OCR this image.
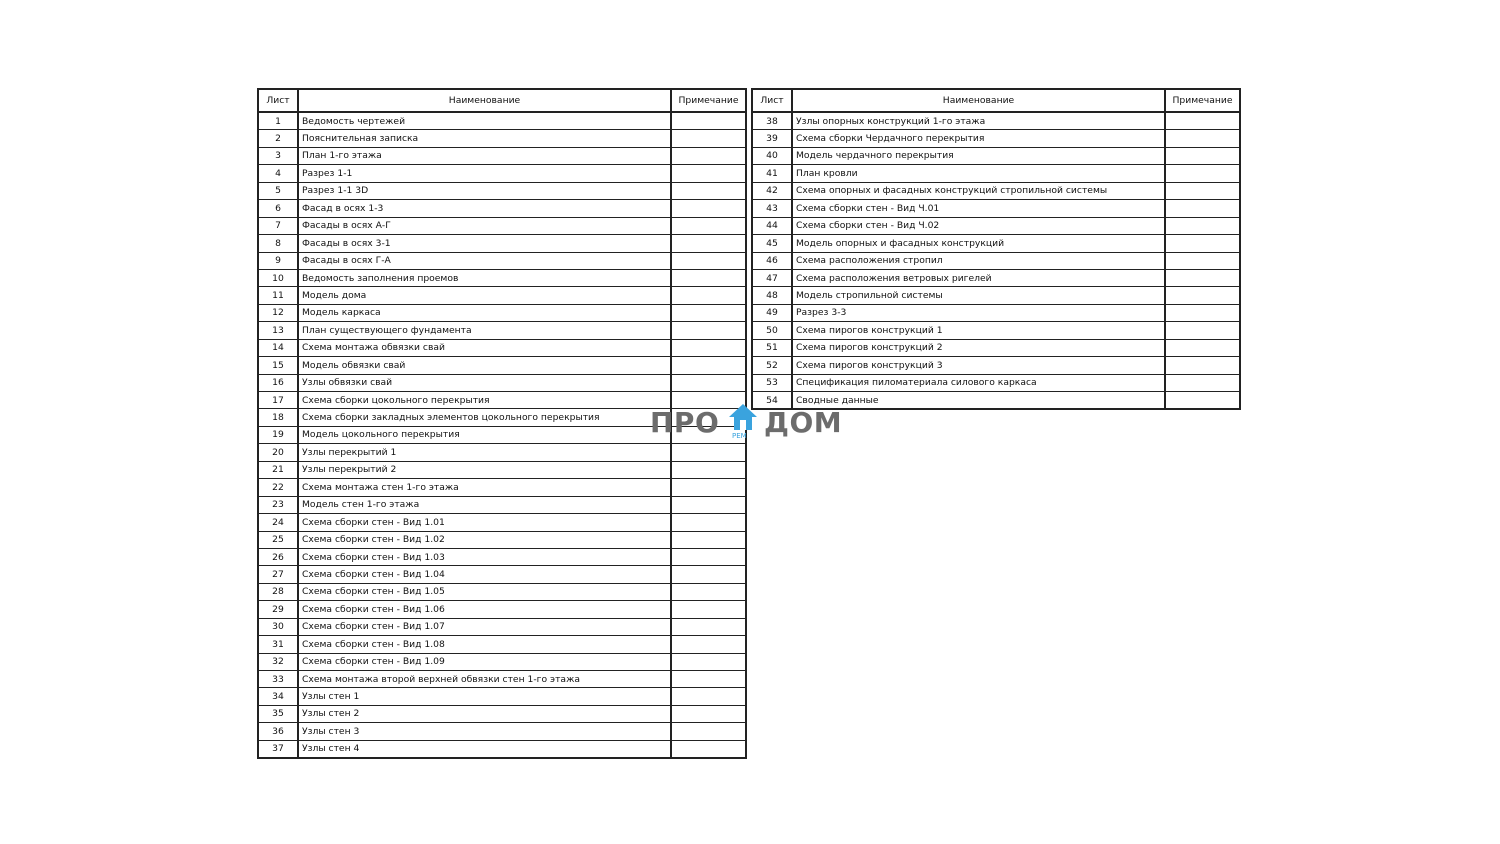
Лист	Наименование	Примечание
1	Ведомость чертежей	
2	Пояснительная записка	
3	План 1-го этажа	
4	Разрез 1-1	
5	Разрез 1-1 3D	
6	Фасад в осях 1-3	
7	Фасады в осях А-Г	
8	Фасады в осях 3-1	
9	Фасады в осях Г-А	
10	Ведомость заполнения проемов	
11	Модель дома	
12	Модель каркаса	
13	План существующего фундамента	
14	Схема монтажа обвязки свай	
15	Модель обвязки свай	
16	Узлы обвязки свай	
17	Схема сборки цокольного перекрытия	
18	Схема сборки закладных элементов цокольного перекрытия	
19	Модель цокольного перекрытия	
20	Узлы перекрытий 1	
21	Узлы перекрытий 2	
22	Схема монтажа стен 1-го этажа	
23	Модель стен 1-го этажа	
24	Схема сборки стен - Вид 1.01	
25	Схема сборки стен - Вид 1.02	
26	Схема сборки стен - Вид 1.03	
27	Схема сборки стен - Вид 1.04	
28	Схема сборки стен - Вид 1.05	
29	Схема сборки стен - Вид 1.06	
30	Схема сборки стен - Вид 1.07	
31	Схема сборки стен - Вид 1.08	
32	Схема сборки стен - Вид 1.09	
33	Схема монтажа второй верхней обвязки стен 1-го этажа	
34	Узлы стен 1	
35	Узлы стен 2	
36	Узлы стен 3	
37	Узлы стен 4	
Лист	Наименование	Примечание
38	Узлы опорных конструкций 1-го этажа	
39	Схема сборки Чердачного перекрытия	
40	Модель чердачного перекрытия	
41	План кровли	
42	Схема опорных и фасадных конструкций стропильной системы	
43	Схема сборки стен - Вид Ч.01	
44	Схема сборки стен - Вид Ч.02	
45	Модель опорных и фасадных конструкций	
46	Схема расположения стропил	
47	Схема расположения ветровых ригелей	
48	Модель стропильной системы	
49	Разрез 3-3	
50	Схема пирогов конструкций 1	
51	Схема пирогов конструкций 2	
52	Схема пирогов конструкций 3	
53	Спецификация пиломатериала силового каркаса	
54	Сводные данные	
ПРО РЕМ ДОМ
